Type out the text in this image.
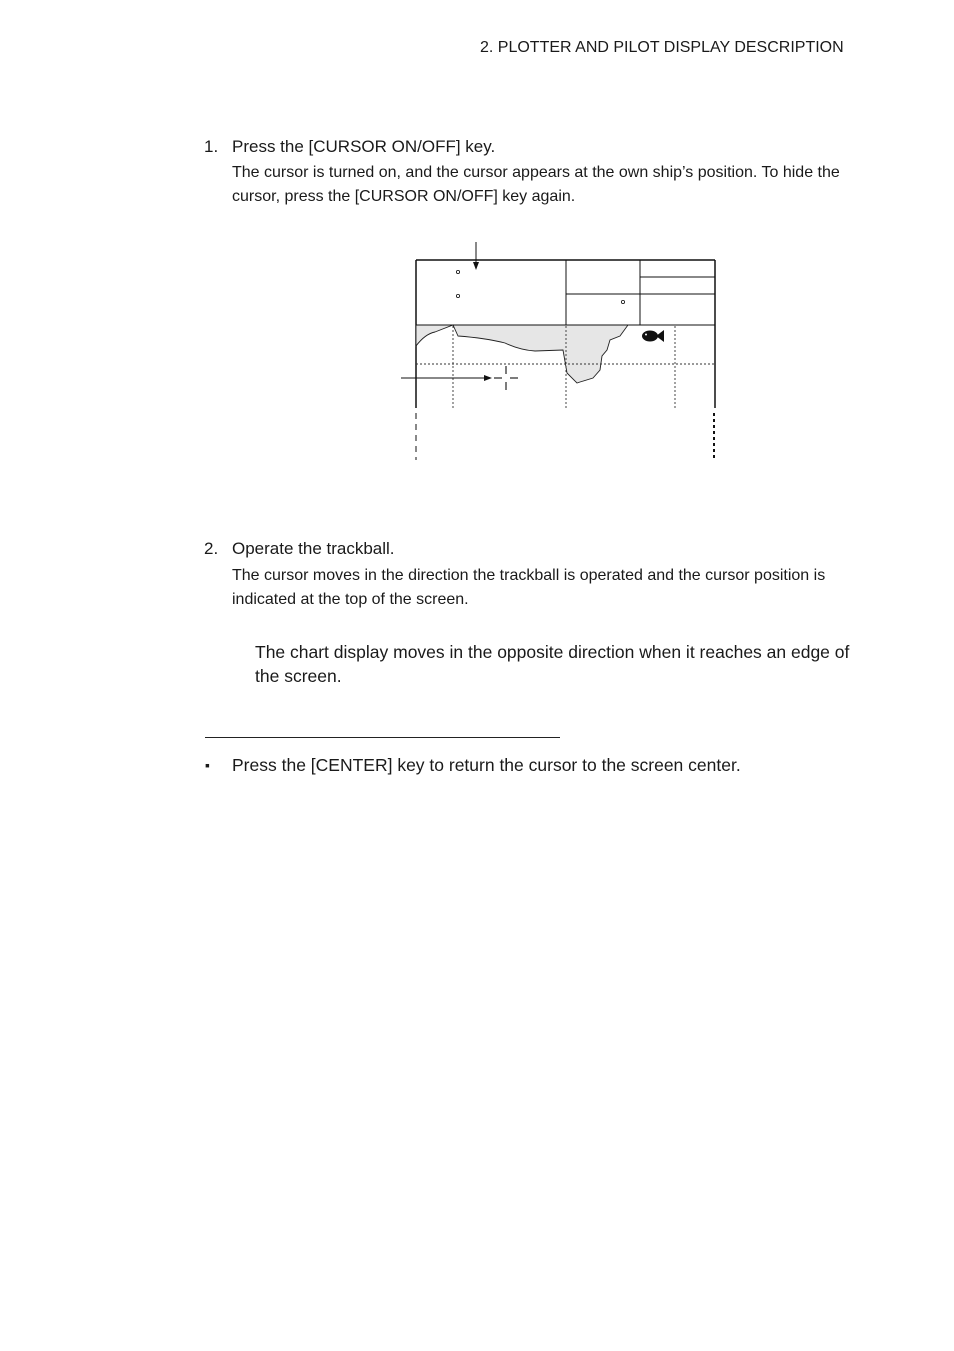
2. PLOTTER AND PILOT DISPLAY DESCRIPTION
1. Press the [CURSOR ON/OFF] key.
The cursor is turned on, and the cursor appears at the own ship’s position. To hide the cursor, press the [CURSOR ON/OFF] key again.
2. Operate the trackball.
The cursor moves in the direction the trackball is operated and the cursor position is indicated at the top of the screen.
The chart display moves in the opposite direction when it reaches an edge of the screen.
▪ Press the [CENTER] key to return the cursor to the screen center.
